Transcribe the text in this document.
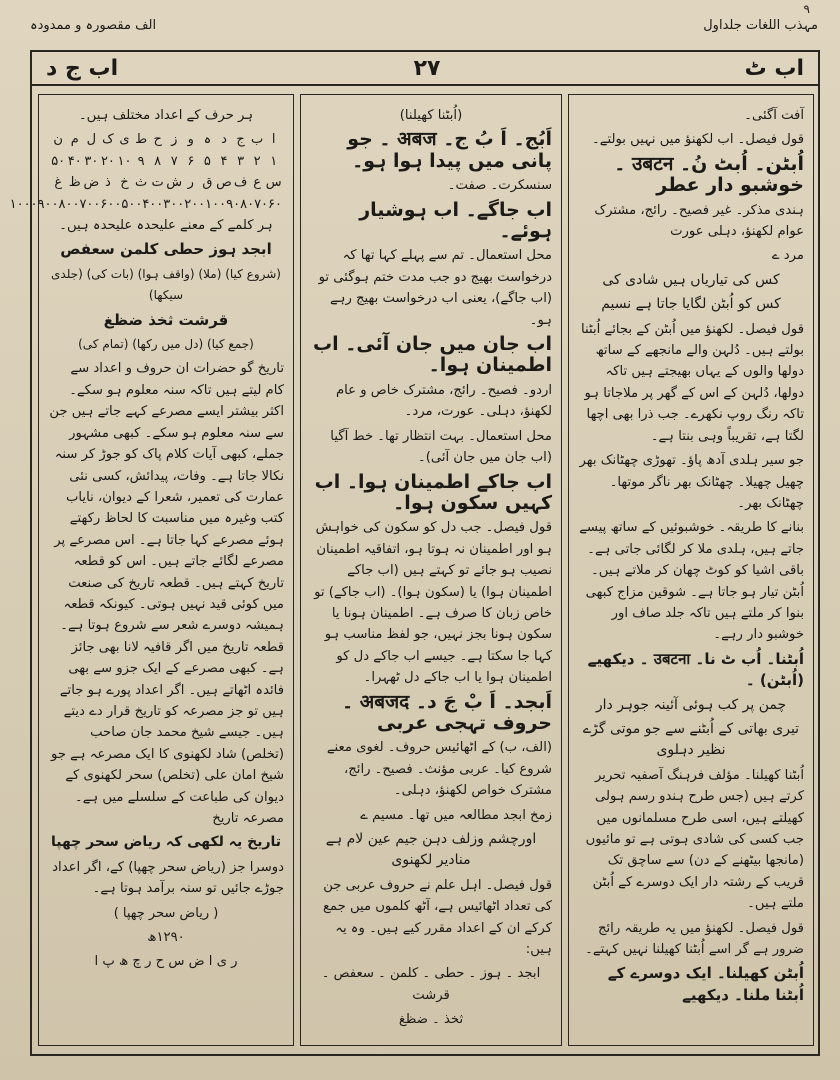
۹
مہذب اللغات جلداول
الف مقصورہ و ممدودہ
اب ٹ
۲۷
اب ج د

آفت آگئی۔

قول فیصل۔ اب لکھنؤ میں نہیں بولتے۔

اُبٹن۔ اُبٹ نُ۔ उबटन ۔ خوشبو دار عطر

ہندی مذکر۔ غیر فصیح۔ رائج، مشترک عوام لکھنؤ، دہلی عورت

مرد ے

کس کی تیاریاں ہیں شادی کی

کس کو اُبٹن لگایا جاتا ہے نسیم

قول فیصل۔ لکھنؤ میں اُبٹن کے بجائے اُبٹنا بولتے ہیں۔ دُلہن والے مانجھے کے ساتھ دولھا والوں کے یہاں بھیجتے ہیں تاکہ دولھا، دُلہن کے اس کے گھر پر ملاجاتا ہو تاکہ رنگ روپ نکھرے۔ جب ذرا بھی اچھا لگتا ہے، تقریباً وہی بنتا ہے۔

جو سیر ہلدی آدھ پاؤ۔ تھوڑی چھٹانک بھر چھیل چھیلا۔ چھٹانک بھر ناگر موتھا۔ چھٹانک بھر۔

بنانے کا طریقہ۔ خوشبوئیں کے ساتھ پیسے جاتے ہیں، ہلدی ملا کر لگائی جاتی ہے۔ باقی اشیا کو کوٹ چھان کر ملاتے ہیں۔ اُبٹن تیار ہو جاتا ہے۔ شوقین مزاج کبھی بنوا کر ملتے ہیں تاکہ جلد صاف اور خوشبو دار رہے۔

اُبٹنا۔ اُب ٹ نا۔ उबटना ۔ دیکھیے (اُبٹن) ۔

چمن پر کب ہوئی آئینہ جوہر دار

تیری بھاتی کے اُبٹنے سے جو موتی گڑے نظیر دہلوی

اُبٹنا کھیلنا۔ مؤلف فرہنگ آصفیہ تحریر کرتے ہیں (جس طرح ہندو رسم ہولی کھیلتے ہیں، اسی طرح مسلمانوں میں جب کسی کی شادی ہوتی ہے تو مائیوں (مانجھا بیٹھنے کے دن) سے ساچق تک قریب کے رشتہ دار ایک دوسرے کے اُبٹن ملتے ہیں۔

قول فیصل۔ لکھنؤ میں یہ طریقہ رائج ضرور ہے گر اسے اُبٹنا کھیلنا نہیں کہتے۔

اُبٹن کھیلنا۔ ایک دوسرے کے اُبٹنا ملنا۔ دیکھیے

(اُبٹنا کھیلنا)

اَبُج۔ اَ بُ ج۔ अबज ۔ جو پانی میں پیدا ہوا ہو۔

سنسکرت۔ صفت۔

اب جاگے۔ اب ہوشیار ہوئے۔

محل استعمال۔ تم سے پہلے کہا تھا کہ درخواست بھیج دو جب مدت ختم ہوگئی تو (اب جاگے)، یعنی اب درخواست بھیج رہے ہو۔

اب جان میں جان آئی۔ اب اطمینان ہوا۔

اردو۔ فصیح۔ رائج، مشترک خاص و عام لکھنؤ، دہلی۔ عورت، مرد۔

محل استعمال۔ بہت انتظار تھا۔ خط آگیا (اب جان میں جان آئی)۔

اب جاکے اطمینان ہوا۔ اب کہیں سکون ہوا۔

قول فیصل۔ جب دل کو سکون کی خواہش ہو اور اطمینان نہ ہوتا ہو، اتفاقیہ اطمینان نصیب ہو جائے تو کہتے ہیں (اب جاکے اطمینان ہوا) یا (سکون ہوا)۔ (اب جاکے) تو خاص زبان کا صرف ہے۔ اطمینان ہونا یا سکون ہونا بجز نہیں، جو لفظ مناسب ہو کہا جا سکتا ہے۔ جیسے اب جاکے دل کو اطمینان ہوا یا اب جاکے دل ٹھہرا۔

اَبجد۔ اَ بْ جَ د۔ अबजद ۔ حروف تہجی عربی

(الف، ب) کے اٹھائیس حروف۔ لغوی معنے شروع کیا۔ عربی مؤنث۔ فصیح۔ رائج، مشترک خواص لکھنؤ، دہلی۔

زمخ ابجد مطالعہ میں تھا۔ مسیم ے

اورچشم وزلف دہن جیم عین لام ہے منادیر لکھنوی

قول فیصل۔ اہل علم نے حروف عربی جن کی تعداد اٹھائیس ہے، آٹھ کلموں میں جمع کرکے ان کے اعداد مقرر کیے ہیں۔ وہ یہ ہیں:

ابجد ۔ ہوز ۔ حطی ۔ کلمن ۔ سعفص ۔ قرشت

ثخذ ۔ ضظغ

ہر حرف کے اعداد مختلف ہیں۔

ا
ب
ج
د
ہ
و
ز
ح
ط
ی
ک
ل
م
ن
۱
۲
۳
۴
۵
۶
۷
۸
۹
۱۰
۲۰
۳۰
۴۰
۵۰
س
ع
ف
ص
ق
ر
ش
ت
ث
خ
ذ
ض
ظ
غ
۶۰
۷۰
۸۰
۹۰
۱۰۰
۲۰۰
۳۰۰
۴۰۰
۵۰۰
۶۰۰
۷۰۰
۸۰۰
۹۰۰
۱۰۰۰

ہر کلمے کے معنے علیحدہ علیحدہ ہیں۔

ابجد ہوز حطی کلمن سعفص

(شروع کیا) (ملا) (واقف ہوا) (بات کی) (جلدی سیکھا)

قرشت ثخذ ضظغ

(جمع کیا) (دل میں رکھا) (تمام کی)

تاریخ گو حضرات ان حروف و اعداد سے کام لیتے ہیں تاکہ سنہ معلوم ہو سکے۔ اکثر بیشتر ایسے مصرعے کہے جاتے ہیں جن سے سنہ معلوم ہو سکے۔ کبھی مشہور جملے، کبھی آیات کلام پاک کو جوڑ کر سنہ نکالا جاتا ہے۔ وفات، پیدائش، کسی نئی عمارت کی تعمیر، شعرا کے دیوان، نایاب کتب وغیرہ میں مناسبت کا لحاظ رکھتے ہوئے مصرعے کہا جاتا ہے۔ اس مصرعے پر مصرعے لگائے جاتے ہیں۔ اس کو قطعہ تاریخ کہتے ہیں۔ قطعہ تاریخ کی صنعت میں کوئی قید نہیں ہوتی۔ کیونکہ قطعہ ہمیشہ دوسرے شعر سے شروع ہوتا ہے۔ قطعہ تاریخ میں اگر قافیہ لانا بھی جائز ہے۔ کبھی مصرعے کے ایک جزو سے بھی فائدہ اٹھاتے ہیں۔ اگر اعداد پورے ہو جاتے ہیں تو جز مصرعہ کو تاریخ قرار دے دیتے ہیں۔ جیسے شیخ محمد جان صاحب (تخلص) شاد لکھنوی کا ایک مصرعہ ہے جو شیخ امان علی (تخلص) سحر لکھنوی کے دیوان کی طباعت کے سلسلے میں ہے۔ مصرعہ تاریخ

تاریخ یہ لکھی کہ ریاض سحر چھپا

دوسرا جز (ریاض سحر چھپا) کے، اگر اعداد جوڑے جائیں تو سنہ برآمد ہوتا ہے۔

( ریاض سحر چھپا )

۱۲۹۰ھ

ر ی ا ض س ح ر چ ھ پ ا
